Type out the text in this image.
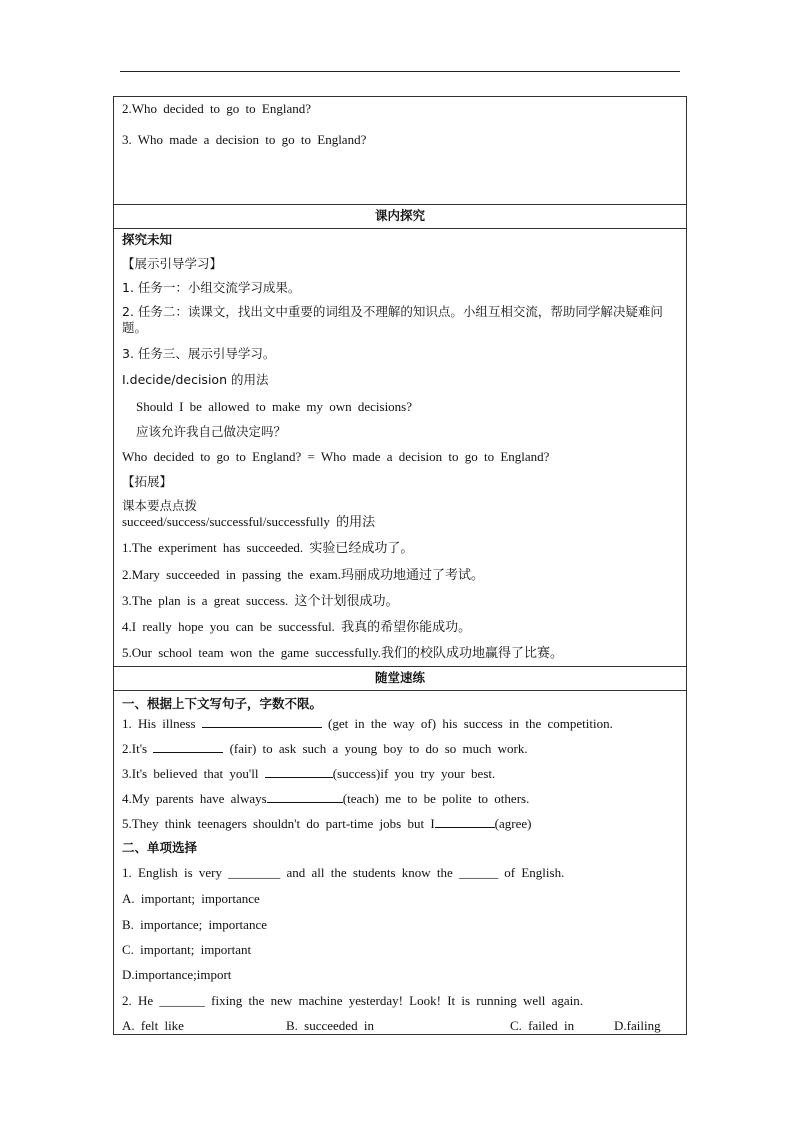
2.Who decided to go to England?
3. Who made a decision to go to England?
课内探究
探究未知
【展示引导学习】
1. 任务一：小组交流学习成果。
2. 任务二：读课文，找出文中重要的词组及不理解的知识点。小组互相交流，帮助同学解决疑难问题。
3. 任务三、展示引导学习。
Ⅰ.decide/decision 的用法
Should I be allowed to make my own decisions?
应该允许我自己做决定吗？
Who decided to go to England? = Who made a decision to go to England?
【拓展】
课本要点点拨
succeed/success/successful/successfully 的用法
1.The experiment has succeeded. 实验已经成功了。
2.Mary succeeded in passing the exam.玛丽成功地通过了考试。
3.The plan is a great success. 这个计划很成功。
4.I really hope you can be successful. 我真的希望你能成功。
5.Our school team won the game successfully.我们的校队成功地赢得了比赛。
随堂速练
一、根据上下文写句子，字数不限。
1. His illness	(get in the way of) his success in the competition.
2.It's	(fair) to ask such a young boy to do so much work.
3.It's believed that you'll	(success)if you try your best.
4.My parents have always	(teach) me to be polite to others.
5.They think teenagers shouldn't do part-time jobs but I	(agree)
二、单项选择
1. English is very ________ and all the students know the ______ of English.
A. important; importance
B. importance; importance
C. important; important
D.importance;import
2. He _______ fixing the new machine yesterday! Look! It is running well again.
A. felt like	B. succeeded in	C. failed in	D.failing
